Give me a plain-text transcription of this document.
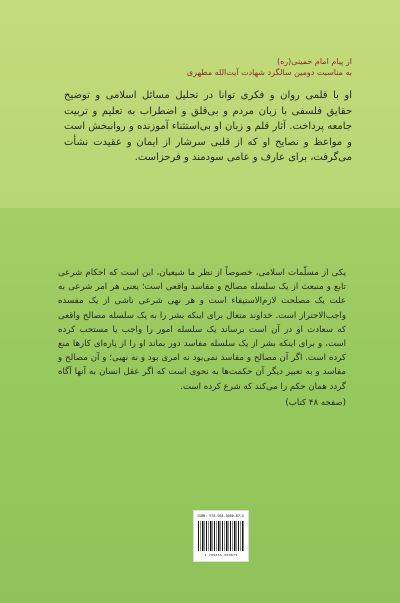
از پیام امام خمینی(ره)

به مناسبت دومین سالگرد شهادت آیت‌الله مطهری

او با قلمی روان و فکری توانا در تحلیل مسائل اسلامی و توضیح حقایق فلسفی با زبان مردم و بی‌قلق و اضطراب به تعلیم و تربیت جامعه پرداخت. آثار قلم و زبان او بی‌استثناء آموزنده و روانبخش است و مواعظ و نصایح او که از قلبی سرشار از ایمان و عقیدت نشأت می‌گرفت، برای عارف و عامی سودمند و فرحزاست.

یکی از مسلّمات اسلامی، خصوصاً از نظر ما شیعیان، این است که احکام شرعی تابع و منبعث از یک سلسله مصالح و مفاسد واقعی است؛ یعنی هر امر شرعی به علت یک مصلحت لازم‌الاستیفاء است و هر نهی شرعی ناشی از یک مفسده واجب‌الاحتراز است. خداوند متعال برای اینکه بشر را به یک سلسله مصالح واقعی که سعادت او در آن است برساند یک سلسله امور را واجب یا مستحب کرده است، و برای اینکه بشر از یک سلسله مفاسد دور بماند او را از پاره‌ای کارها منع کرده است. اگر آن مصالح و مفاسد نمی‌بود نه امری بود و نه نهیی؛ و آن مصالح و مفاسد و به تعبیر دیگر آن حکمت‌ها به نحوی است که اگر عقل انسان به آنها آگاه گردد همان حکم را می‌کند که شرع کرده است.

(صفحه ۴۸ کتاب)

ISBN: 978-964-5600-87-5
9 789645 600875
